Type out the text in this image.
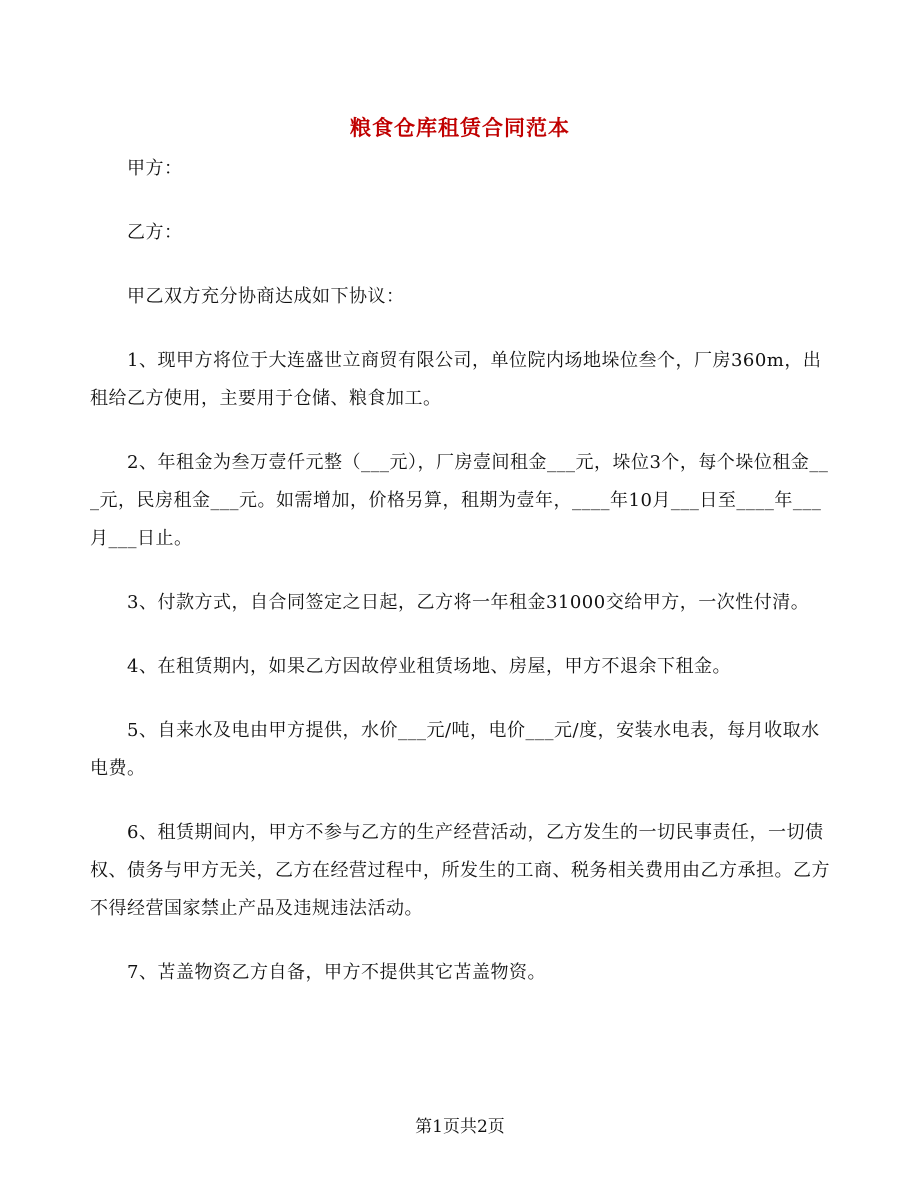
粮食仓库租赁合同范本

甲方：

乙方：

甲乙双方充分协商达成如下协议：

1、现甲方将位于大连盛世立商贸有限公司，单位院内场地垛位叁个，厂房360m，出租给乙方使用，主要用于仓储、粮食加工。

2、年租金为叁万壹仟元整（___元），厂房壹间租金___元，垛位3个，每个垛位租金___元，民房租金___元。如需增加，价格另算，租期为壹年，____年10月___日至____年___月___日止。

3、付款方式，自合同签定之日起，乙方将一年租金31000交给甲方，一次性付清。

4、在租赁期内，如果乙方因故停业租赁场地、房屋，甲方不退余下租金。

5、自来水及电由甲方提供，水价___元/吨，电价___元/度，安装水电表，每月收取水电费。

6、租赁期间内，甲方不参与乙方的生产经营活动，乙方发生的一切民事责任，一切债权、债务与甲方无关，乙方在经营过程中，所发生的工商、税务相关费用由乙方承担。乙方不得经营国家禁止产品及违规违法活动。

7、苫盖物资乙方自备，甲方不提供其它苫盖物资。

第1页共2页
